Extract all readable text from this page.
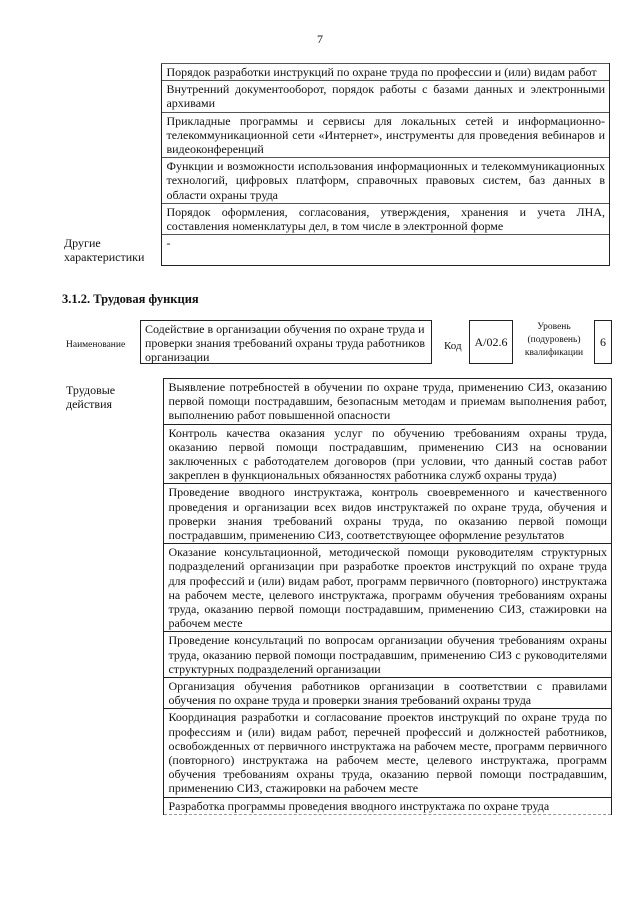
7
	Порядок разработки инструкций по охране труда по профессии и (или) видам работ
	Внутренний документооборот, порядок работы с базами данных и электронными архивами
	Прикладные программы и сервисы для локальных сетей и информационно-телекоммуникационной сети «Интернет», инструменты для проведения вебинаров и видеоконференций
	Функции и возможности использования информационных и телекоммуникационных технологий, цифровых платформ, справочных правовых систем, баз данных в области охраны труда
	Порядок оформления, согласования, утверждения, хранения и учета ЛНА, составления номенклатуры дел, в том числе в электронной форме
Другие характеристики	-
3.1.2. Трудовая функция
Наименование
Содействие в организации обучения по охране труда и проверки знания требований охраны труда работников организации
Код	A/02.6
Уровень (подуровень) квалификации
6
Трудовые действия	Выявление потребностей в обучении по охране труда, применению СИЗ, оказанию первой помощи пострадавшим, безопасным методам и приемам выполнения работ, выполнению работ повышенной опасности
Контроль качества оказания услуг по обучению требованиям охраны труда, оказанию первой помощи пострадавшим, применению СИЗ на основании заключенных с работодателем договоров (при условии, что данный состав работ закреплен в функциональных обязанностях работника служб охраны труда)
Проведение вводного инструктажа, контроль своевременного и качественного проведения и организации всех видов инструктажей по охране труда, обучения и проверки знания требований охраны труда, по оказанию первой помощи пострадавшим, применению СИЗ, соответствующее оформление результатов
Оказание консультационной, методической помощи руководителям структурных подразделений организации при разработке проектов инструкций по охране труда для профессий и (или) видам работ, программ первичного (повторного) инструктажа на рабочем месте, целевого инструктажа, программ обучения требованиям охраны труда, оказанию первой помощи пострадавшим, применению СИЗ, стажировки на рабочем месте
Проведение консультаций по вопросам организации обучения требованиям охраны труда, оказанию первой помощи пострадавшим, применению СИЗ с руководителями структурных подразделений организации
Организация обучения работников организации в соответствии с правилами обучения по охране труда и проверки знания требований охраны труда
Координация разработки и согласование проектов инструкций по охране труда по профессиям и (или) видам работ, перечней профессий и должностей работников, освобожденных от первичного инструктажа на рабочем месте, программ первичного (повторного) инструктажа на рабочем месте, целевого инструктажа, программ обучения требованиям охраны труда, оказанию первой помощи пострадавшим, применению СИЗ, стажировки на рабочем месте
Разработка программы проведения вводного инструктажа по охране труда
